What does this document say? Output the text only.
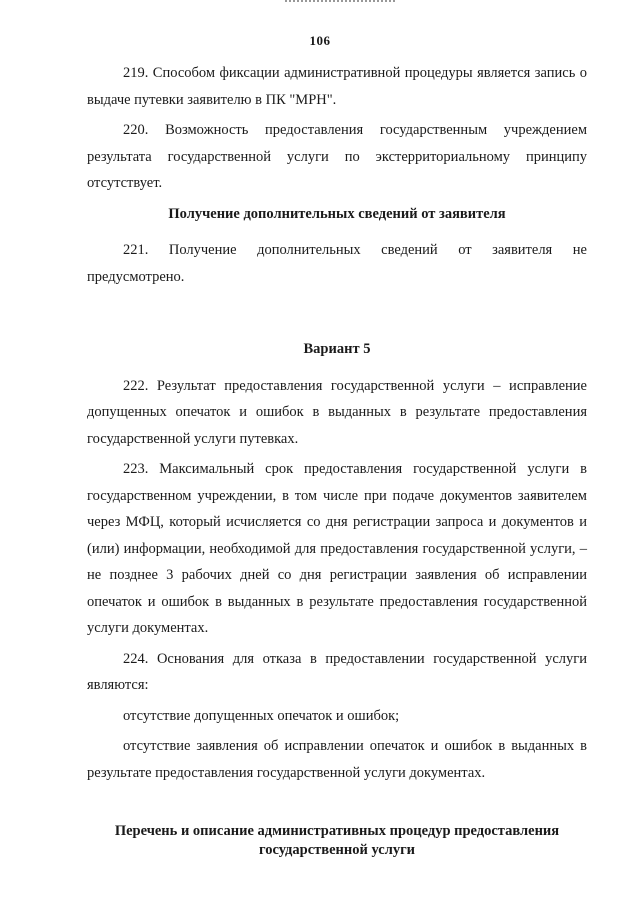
106

219. Способом фиксации административной процедуры является запись о выдаче путевки заявителю в ПК "МРН".

220. Возможность предоставления государственным учреждением результата государственной услуги по экстерриториальному принципу отсутствует.

Получение дополнительных сведений от заявителя

221. Получение дополнительных сведений от заявителя не

предусмотрено.

Вариант 5

222. Результат предоставления государственной услуги – исправление допущенных опечаток и ошибок в выданных в результате предоставления государственной услуги путевках.

223. Максимальный срок предоставления государственной услуги в государственном учреждении, в том числе при подаче документов заявителем через МФЦ, который исчисляется со дня регистрации запроса и документов и (или) информации, необходимой для предоставления государственной услуги, – не позднее 3 рабочих дней со дня регистрации заявления об исправлении опечаток и ошибок в выданных в результате предоставления государственной услуги документах.

224. Основания для отказа в предоставлении государственной услуги являются:

отсутствие допущенных опечаток и ошибок;

отсутствие заявления об исправлении опечаток и ошибок в выданных в результате предоставления государственной услуги документах.

Перечень и описание административных процедур предоставления
государственной услуги
